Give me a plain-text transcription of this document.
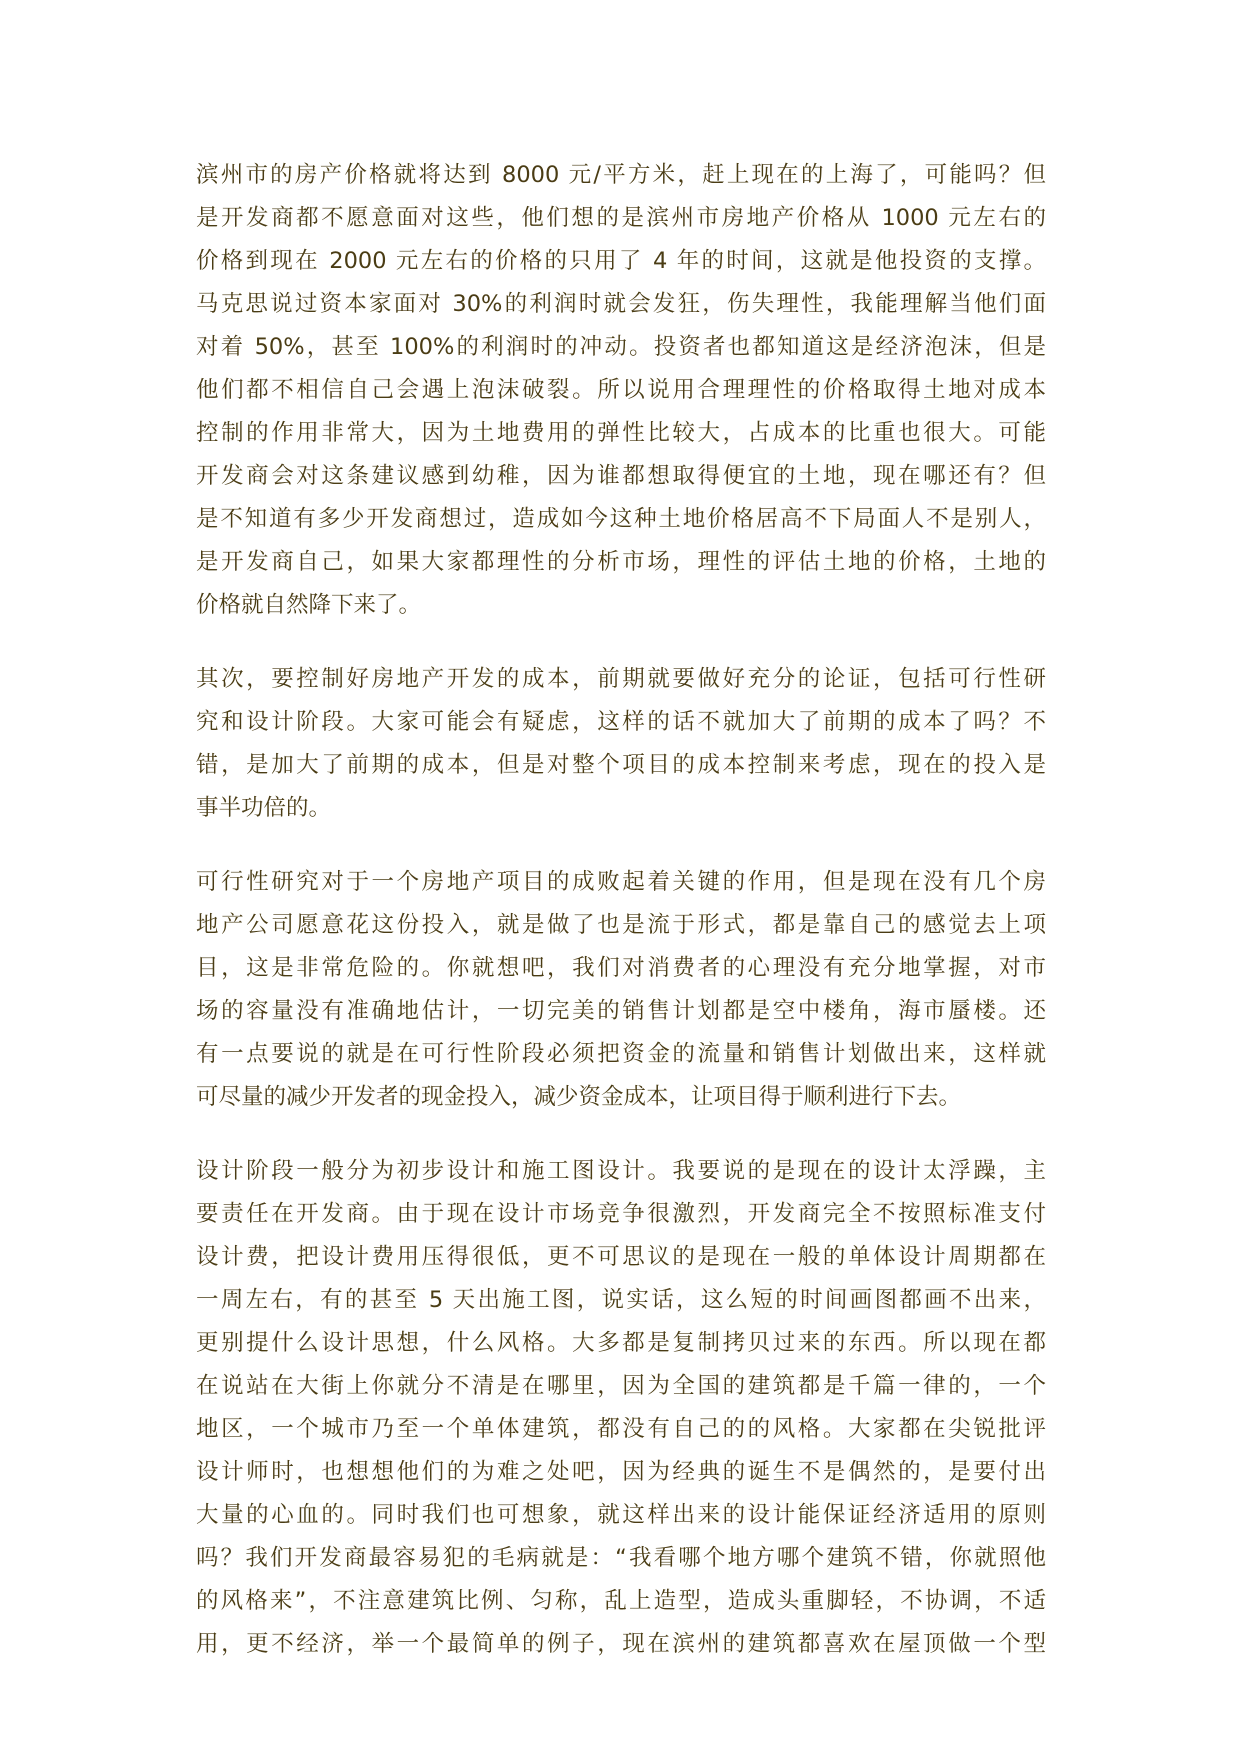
滨州市的房产价格就将达到 8000 元/平方米，赶上现在的上海了，可能吗？但
是开发商都不愿意面对这些，他们想的是滨州市房地产价格从 1000 元左右的
价格到现在 2000 元左右的价格的只用了 4 年的时间，这就是他投资的支撑。
马克思说过资本家面对 30%的利润时就会发狂，伤失理性，我能理解当他们面
对着 50%，甚至 100%的利润时的冲动。投资者也都知道这是经济泡沫，但是
他们都不相信自己会遇上泡沫破裂。所以说用合理理性的价格取得土地对成本
控制的作用非常大，因为土地费用的弹性比较大，占成本的比重也很大。可能
开发商会对这条建议感到幼稚，因为谁都想取得便宜的土地，现在哪还有？但
是不知道有多少开发商想过，造成如今这种土地价格居高不下局面人不是别人，
是开发商自己，如果大家都理性的分析市场，理性的评估土地的价格，土地的
价格就自然降下来了。
其次，要控制好房地产开发的成本，前期就要做好充分的论证，包括可行性研
究和设计阶段。大家可能会有疑虑，这样的话不就加大了前期的成本了吗？不
错，是加大了前期的成本，但是对整个项目的成本控制来考虑，现在的投入是
事半功倍的。
可行性研究对于一个房地产项目的成败起着关键的作用，但是现在没有几个房
地产公司愿意花这份投入，就是做了也是流于形式，都是靠自己的感觉去上项
目，这是非常危险的。你就想吧，我们对消费者的心理没有充分地掌握，对市
场的容量没有准确地估计，一切完美的销售计划都是空中楼角，海市蜃楼。还
有一点要说的就是在可行性阶段必须把资金的流量和销售计划做出来，这样就
可尽量的减少开发者的现金投入，减少资金成本，让项目得于顺利进行下去。
设计阶段一般分为初步设计和施工图设计。我要说的是现在的设计太浮躁，主
要责任在开发商。由于现在设计市场竞争很激烈，开发商完全不按照标准支付
设计费，把设计费用压得很低，更不可思议的是现在一般的单体设计周期都在
一周左右，有的甚至 5 天出施工图，说实话，这么短的时间画图都画不出来，
更别提什么设计思想，什么风格。大多都是复制拷贝过来的东西。所以现在都
在说站在大街上你就分不清是在哪里，因为全国的建筑都是千篇一律的，一个
地区，一个城市乃至一个单体建筑，都没有自己的的风格。大家都在尖锐批评
设计师时，也想想他们的为难之处吧，因为经典的诞生不是偶然的，是要付出
大量的心血的。同时我们也可想象，就这样出来的设计能保证经济适用的原则
吗？我们开发商最容易犯的毛病就是：“我看哪个地方哪个建筑不错，你就照他
的风格来”，不注意建筑比例、匀称，乱上造型，造成头重脚轻，不协调，不适
用，更不经济，举一个最简单的例子，现在滨州的建筑都喜欢在屋顶做一个型
